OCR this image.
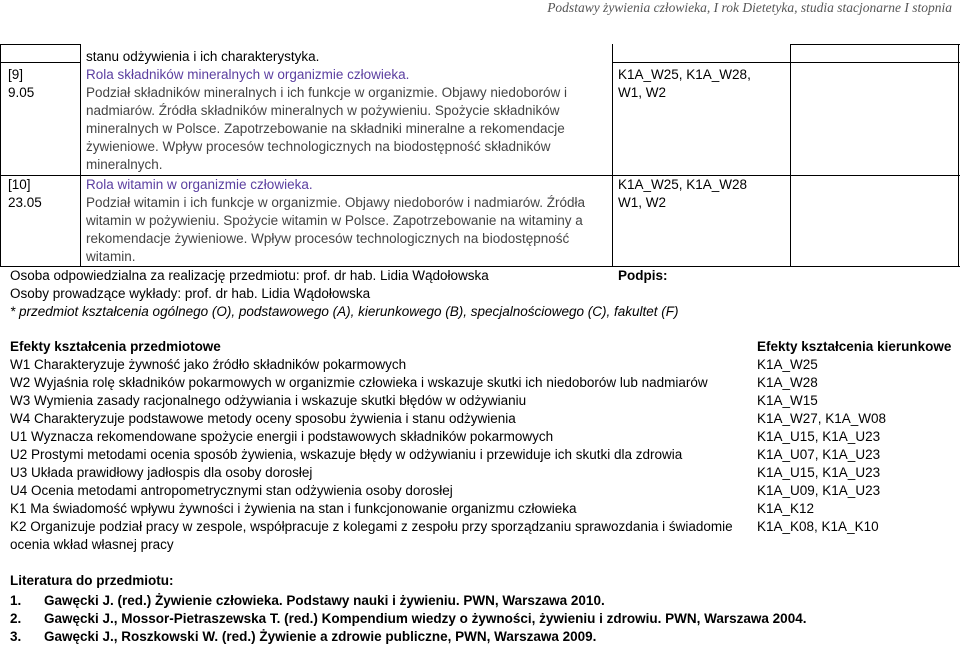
Podstawy żywienia człowieka, I rok Dietetyka, studia stacjonarne I stopnia
stanu odżywienia i ich charakterystyka.
[9]
9.05
Rola składników mineralnych w organizmie człowieka.
Podział składników mineralnych i ich funkcje w organizmie. Objawy niedoborów i
nadmiarów. Źródła składników mineralnych w pożywieniu. Spożycie składników
mineralnych w Polsce. Zapotrzebowanie na składniki mineralne a rekomendacje
żywieniowe. Wpływ procesów technologicznych na biodostępność składników
mineralnych.
K1A_W25, K1A_W28,
W1, W2
[10]
23.05
Rola witamin w organizmie człowieka.
Podział witamin i ich funkcje w organizmie. Objawy niedoborów i nadmiarów. Źródła
witamin w pożywieniu. Spożycie witamin w Polsce. Zapotrzebowanie na witaminy a
rekomendacje żywieniowe. Wpływ procesów technologicznych na biodostępność
witamin.
K1A_W25, K1A_W28
W1, W2
Osoba odpowiedzialna za realizację przedmiotu: prof. dr hab. Lidia Wądołowska	Podpis:
Osoby prowadzące wykłady: prof. dr hab. Lidia Wądołowska
* przedmiot kształcenia ogólnego (O), podstawowego (A), kierunkowego (B), specjalnościowego (C), fakultet (F)
Efekty kształcenia przedmiotowe	Efekty kształcenia kierunkowe
W1 Charakteryzuje żywność jako źródło składników pokarmowych
W2 Wyjaśnia rolę składników pokarmowych w organizmie człowieka i wskazuje skutki ich niedoborów lub nadmiarów
W3 Wymienia zasady racjonalnego odżywiania i wskazuje skutki błędów w odżywianiu
W4 Charakteryzuje podstawowe metody oceny sposobu żywienia i stanu odżywienia
U1 Wyznacza rekomendowane spożycie energii i podstawowych składników pokarmowych
U2 Prostymi metodami ocenia sposób żywienia, wskazuje błędy w odżywianiu i przewiduje ich skutki dla zdrowia
U3 Układa prawidłowy jadłospis dla osoby dorosłej
U4 Ocenia metodami antropometrycznymi stan odżywienia osoby dorosłej
K1 Ma świadomość wpływu żywności i żywienia na stan i funkcjonowanie organizmu człowieka
K2 Organizuje podział pracy w zespole, współpracuje z kolegami z zespołu przy sporządzaniu sprawozdania i świadomie
ocenia wkład własnej pracy
K1A_W25
K1A_W28
K1A_W15
K1A_W27, K1A_W08
K1A_U15, K1A_U23
K1A_U07, K1A_U23
K1A_U15, K1A_U23
K1A_U09, K1A_U23
K1A_K12
K1A_K08, K1A_K10
Literatura do przedmiotu:
1. Gawęcki J. (red.) Żywienie człowieka. Podstawy nauki i żywieniu. PWN, Warszawa 2010.
2. Gawęcki J., Mossor-Pietraszewska T. (red.) Kompendium wiedzy o żywności, żywieniu i zdrowiu. PWN, Warszawa 2004.
3. Gawęcki J., Roszkowski W. (red.) Żywienie a zdrowie publiczne, PWN, Warszawa 2009.
